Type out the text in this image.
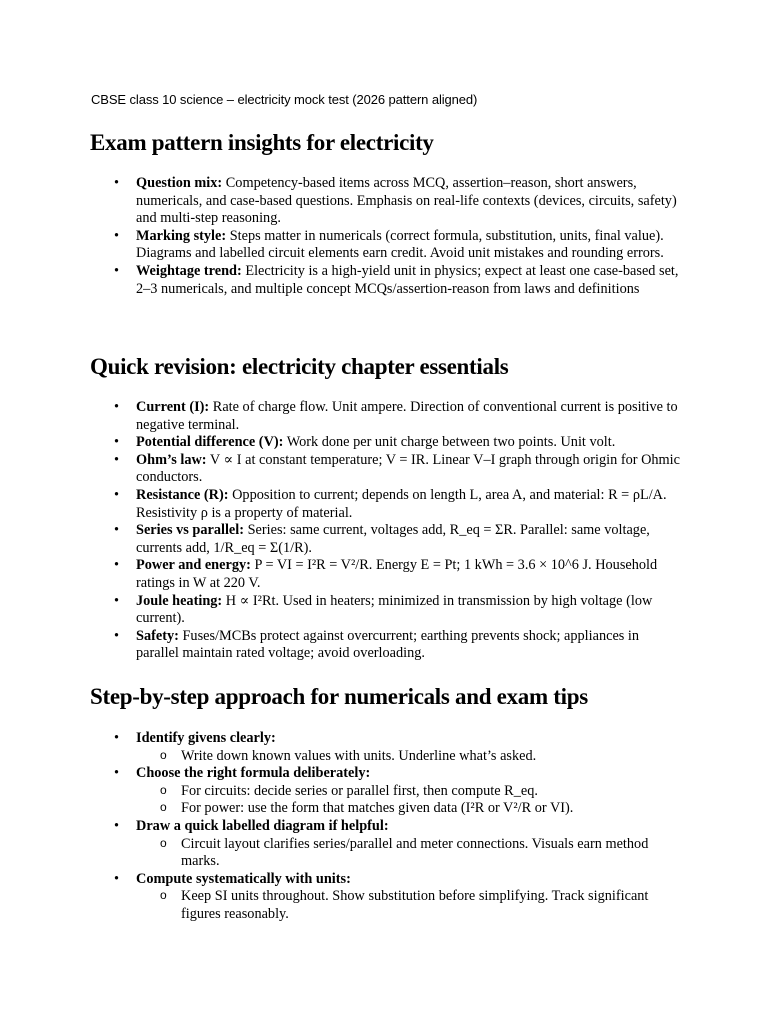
CBSE class 10 science – electricity mock test (2026 pattern aligned)
Exam pattern insights for electricity
• Question mix: Competency-based items across MCQ, assertion–reason, short answers, numericals, and case-based questions. Emphasis on real-life contexts (devices, circuits, safety) and multi-step reasoning.
• Marking style: Steps matter in numericals (correct formula, substitution, units, final value). Diagrams and labelled circuit elements earn credit. Avoid unit mistakes and rounding errors.
• Weightage trend: Electricity is a high-yield unit in physics; expect at least one case-based set, 2–3 numericals, and multiple concept MCQs/assertion-reason from laws and definitions
Quick revision: electricity chapter essentials
• Current (I): Rate of charge flow. Unit ampere. Direction of conventional current is positive to negative terminal.
• Potential difference (V): Work done per unit charge between two points. Unit volt.
• Ohm’s law: V ∝ I at constant temperature; V = IR. Linear V–I graph through origin for Ohmic conductors.
• Resistance (R): Opposition to current; depends on length L, area A, and material: R = ρL/A. Resistivity ρ is a property of material.
• Series vs parallel: Series: same current, voltages add, R_eq = ΣR. Parallel: same voltage, currents add, 1/R_eq = Σ(1/R).
• Power and energy: P = VI = I²R = V²/R. Energy E = Pt; 1 kWh = 3.6 × 10^6 J. Household ratings in W at 220 V.
• Joule heating: H ∝ I²Rt. Used in heaters; minimized in transmission by high voltage (low current).
• Safety: Fuses/MCBs protect against overcurrent; earthing prevents shock; appliances in parallel maintain rated voltage; avoid overloading.
Step-by-step approach for numericals and exam tips
• Identify givens clearly:
o Write down known values with units. Underline what’s asked.
• Choose the right formula deliberately:
o For circuits: decide series or parallel first, then compute R_eq.
o For power: use the form that matches given data (I²R or V²/R or VI).
• Draw a quick labelled diagram if helpful:
o Circuit layout clarifies series/parallel and meter connections. Visuals earn method marks.
• Compute systematically with units:
o Keep SI units throughout. Show substitution before simplifying. Track significant figures reasonably.
